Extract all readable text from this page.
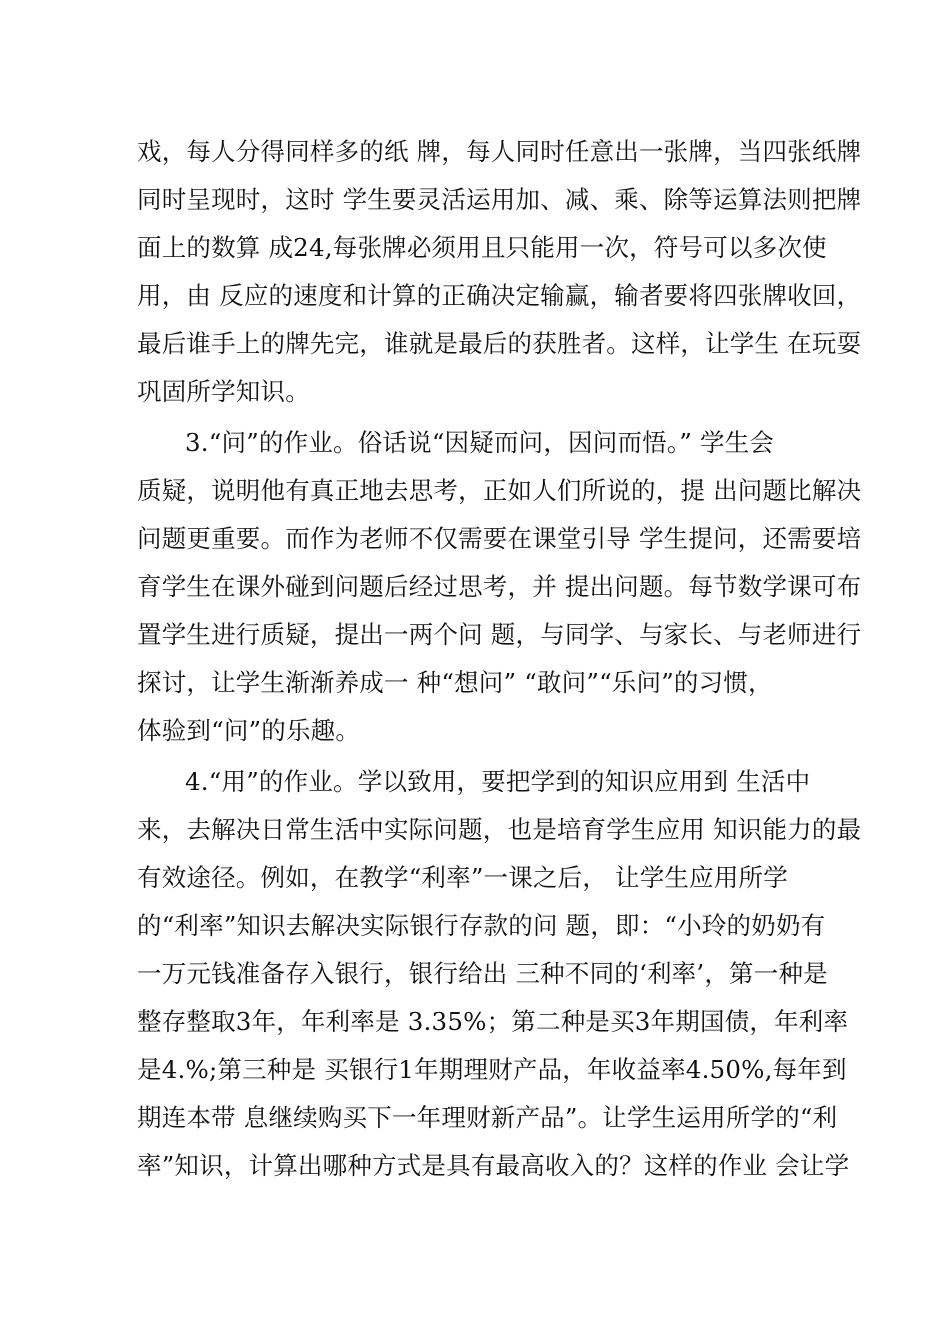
戏，每人分得同样多的纸 牌，每人同时任意出一张牌，当四张纸牌
同时呈现时，这时 学生要灵活运用加、减、乘、除等运算法则把牌
面上的数算 成24,每张牌必须用且只能用一次，符号可以多次使
用，由 反应的速度和计算的正确决定输赢，输者要将四张牌收回，
最后谁手上的牌先完，谁就是最后的获胜者。这样，让学生 在玩耍
巩固所学知识。
3.“问”的作业。俗话说“因疑而问，因问而悟。” 学生会
质疑，说明他有真正地去思考，正如人们所说的，提 出问题比解决
问题更重要。而作为老师不仅需要在课堂引导 学生提问，还需要培
育学生在课外碰到问题后经过思考，并 提出问题。每节数学课可布
置学生进行质疑，提出一两个问 题，与同学、与家长、与老师进行
探讨，让学生渐渐养成一 种“想问” “敢问”“乐问”的习惯，
体验到“问”的乐趣。
4.“用”的作业。学以致用，要把学到的知识应用到 生活中
来，去解决日常生活中实际问题，也是培育学生应用 知识能力的最
有效途径。例如，在教学“利率”一课之后， 让学生应用所学
的“利率”知识去解决实际银行存款的问 题，即：“小玲的奶奶有
一万元钱准备存入银行，银行给出 三种不同的‘利率’，第一种是
整存整取3年，年利率是 3.35%；第二种是买3年期国债，年利率
是4.%;第三种是 买银行1年期理财产品，年收益率4.50%,每年到
期连本带 息继续购买下一年理财新产品”。让学生运用所学的“利
率”知识，计算出哪种方式是具有最高收入的？这样的作业 会让学
